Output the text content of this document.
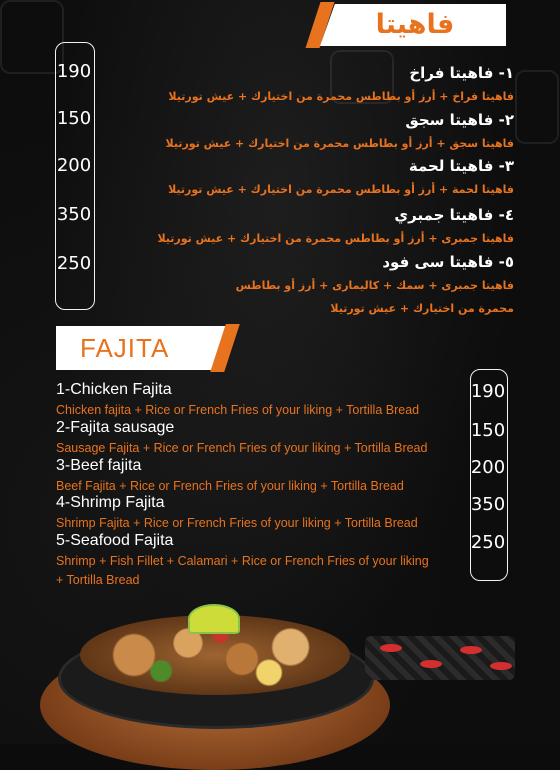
فاهيتا
190
150
200
350
250
١- فاهيتا فراخ
فاهيتا فراخ + أرز أو بطاطس محمرة من اختيارك + عيش تورتيلا
٢- فاهيتا سجق
فاهيتا سجق + أرز أو بطاطس محمرة من اختيارك + عيش تورتيلا
٣- فاهيتا لحمة
فاهيتا لحمة + أرز أو بطاطس محمرة من اختيارك + عيش تورتيلا
٤- فاهيتا جمبري
فاهيتا جمبرى + أرز أو بطاطس محمرة من اختيارك + عيش تورتيلا
٥- فاهيتا سى فود
فاهيتا جمبرى + سمك + كاليمارى + أرز أو بطاطس
محمرة من اختيارك + عيش تورتيلا
FAJITA
190
150
200
350
250
1-Chicken Fajita
Chicken fajita + Rice or French Fries of your liking + Tortilla Bread
2-Fajita sausage
Sausage Fajita + Rice or French Fries of your liking + Tortilla Bread
3-Beef fajita
Beef Fajita + Rice or French Fries of your liking + Tortilla Bread
4-Shrimp Fajita
Shrimp Fajita + Rice or French Fries of your liking + Tortilla Bread
5-Seafood Fajita
Shrimp + Fish Fillet + Calamari + Rice or French Fries of your liking
+ Tortilla Bread
